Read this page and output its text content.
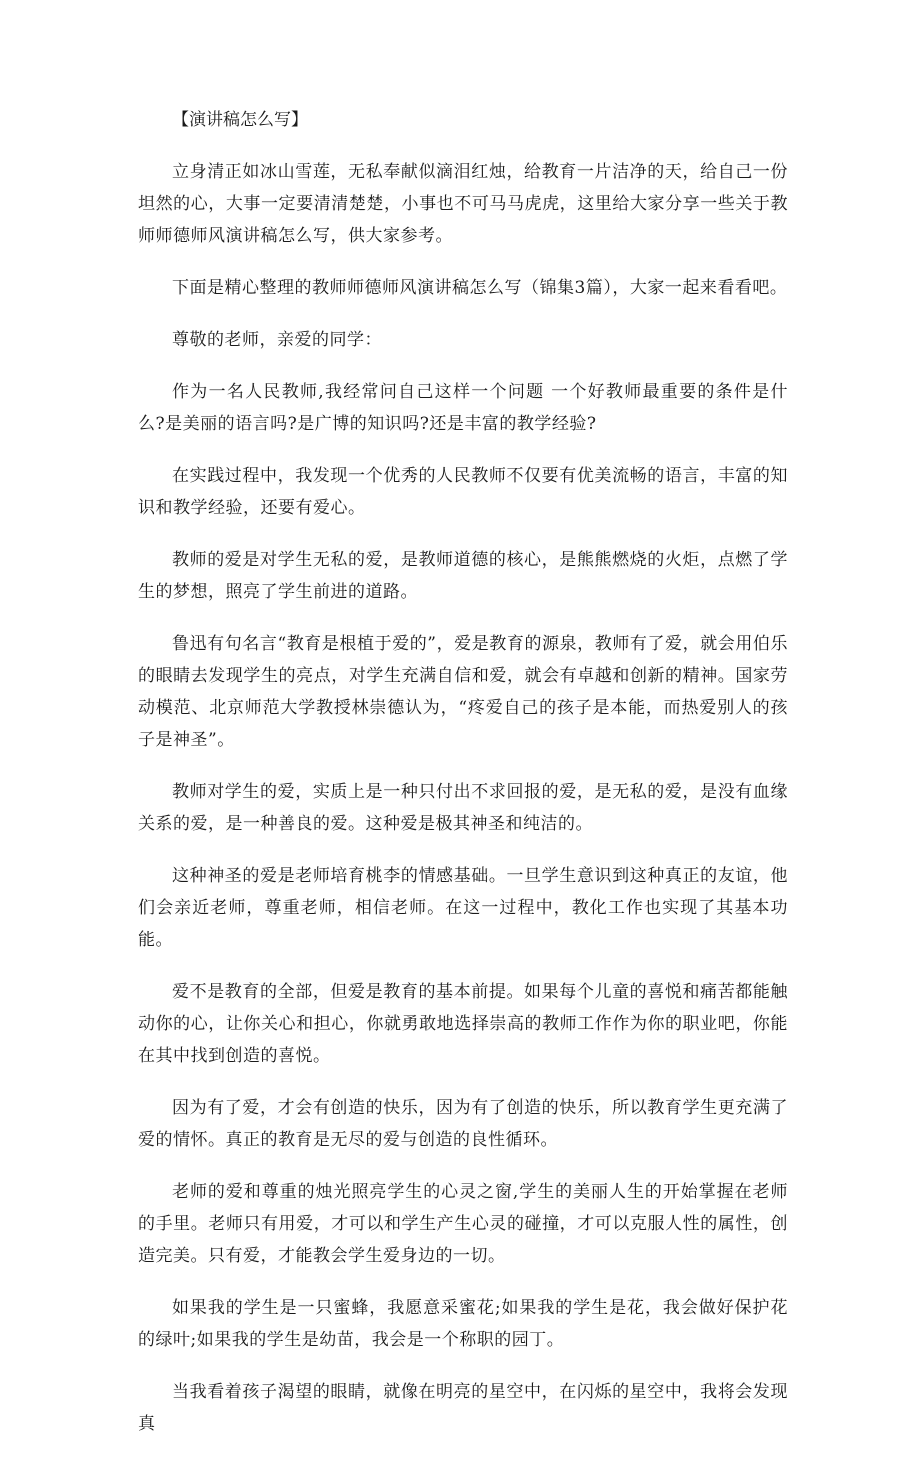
【演讲稿怎么写】

立身清正如冰山雪莲，无私奉献似滴泪红烛，给教育一片洁净的天，给自己一份坦然的心，大事一定要清清楚楚，小事也不可马马虎虎，这里给大家分享一些关于教师师德师风演讲稿怎么写，供大家参考。

下面是精心整理的教师师德师风演讲稿怎么写（锦集3篇），大家一起来看看吧。

尊敬的老师，亲爱的同学：

作为一名人民教师,我经常问自己这样一个问题 一个好教师最重要的条件是什么?是美丽的语言吗?是广博的知识吗?还是丰富的教学经验?

在实践过程中，我发现一个优秀的人民教师不仅要有优美流畅的语言，丰富的知识和教学经验，还要有爱心。

教师的爱是对学生无私的爱，是教师道德的核心，是熊熊燃烧的火炬，点燃了学生的梦想，照亮了学生前进的道路。

鲁迅有句名言“教育是根植于爱的”，爱是教育的源泉，教师有了爱，就会用伯乐的眼睛去发现学生的亮点，对学生充满自信和爱，就会有卓越和创新的精神。国家劳动模范、北京师范大学教授林崇德认为，“疼爱自己的孩子是本能，而热爱别人的孩子是神圣”。

教师对学生的爱，实质上是一种只付出不求回报的爱，是无私的爱，是没有血缘关系的爱，是一种善良的爱。这种爱是极其神圣和纯洁的。

这种神圣的爱是老师培育桃李的情感基础。一旦学生意识到这种真正的友谊，他们会亲近老师，尊重老师，相信老师。在这一过程中，教化工作也实现了其基本功能。

爱不是教育的全部，但爱是教育的基本前提。如果每个儿童的喜悦和痛苦都能触动你的心，让你关心和担心，你就勇敢地选择崇高的教师工作作为你的职业吧，你能在其中找到创造的喜悦。

因为有了爱，才会有创造的快乐，因为有了创造的快乐，所以教育学生更充满了爱的情怀。真正的教育是无尽的爱与创造的良性循环。

老师的爱和尊重的烛光照亮学生的心灵之窗,学生的美丽人生的开始掌握在老师的手里。老师只有用爱，才可以和学生产生心灵的碰撞，才可以克服人性的属性，创造完美。只有爱，才能教会学生爱身边的一切。

如果我的学生是一只蜜蜂，我愿意采蜜花;如果我的学生是花，我会做好保护花的绿叶;如果我的学生是幼苗，我会是一个称职的园丁。

当我看着孩子渴望的眼睛，就像在明亮的星空中，在闪烁的星空中，我将会发现真
